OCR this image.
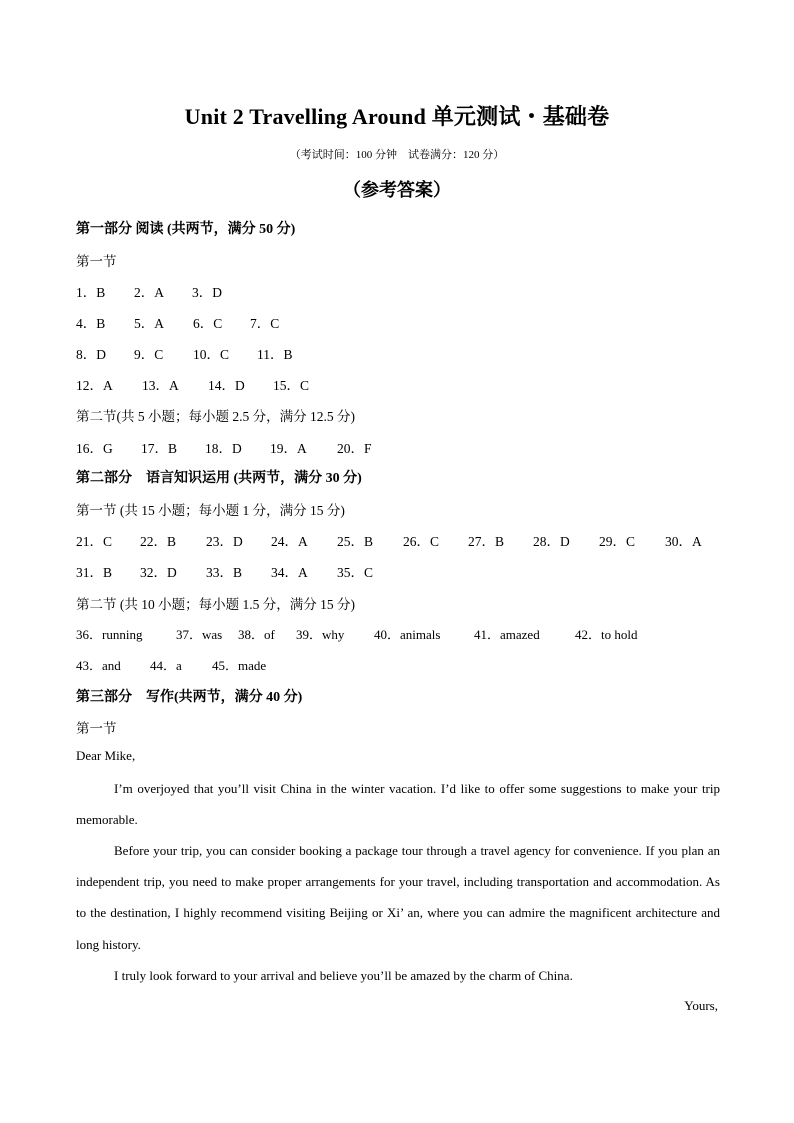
Unit 2 Travelling Around 单元测试・基础卷
（考试时间：100 分钟　试卷满分：120 分）
（参考答案）
第一部分 阅读 (共两节，满分 50 分)
第一节
1．B 2．A 3．D
4．B 5．A 6．C 7．C
8．D 9．C 10．C 11．B
12．A 13．A 14．D 15．C
第二节(共 5 小题；每小题 2.5 分，满分 12.5 分)
16．G 17．B 18．D 19．A 20．F
第二部分　语言知识运用 (共两节，满分 30 分)
第一节 (共 15 小题；每小题 1 分，满分 15 分)
21．C 22．B 23．D 24．A 25．B 26．C 27．B 28．D 29．C 30．A
31．B 32．D 33．B 34．A 35．C
第二节 (共 10 小题；每小题 1.5 分，满分 15 分)
36．running	37．was 38．of 39．why 40．animals	41．amazed	42．to hold
43．and 44．a 45．made
第三部分　写作(共两节，满分 40 分)
第一节
Dear Mike,
I’m overjoyed that you’ll visit China in the winter vacation. I’d like to offer some suggestions to make your trip memorable.
Before your trip, you can consider booking a package tour through a travel agency for convenience. If you plan an independent trip, you need to make proper arrangements for your travel, including transportation and accommodation. As to the destination, I highly recommend visiting Beijing or Xi’ an, where you can admire the magnificent architecture and long history.
I truly look forward to your arrival and believe you’ll be amazed by the charm of China.
Yours,
